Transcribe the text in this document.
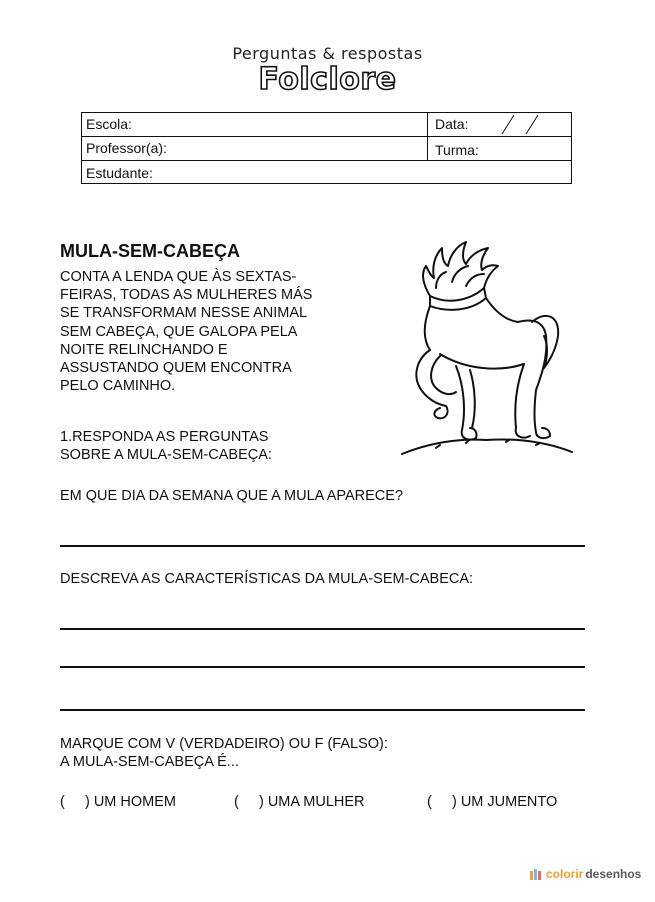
Perguntas & respostas
Folclore
Escola:	Data:
Professor(a):	Turma:
Estudante:
MULA-SEM-CABEÇA
CONTA A LENDA QUE ÀS SEXTAS-
FEIRAS, TODAS AS MULHERES MÁS
SE TRANSFORMAM NESSE ANIMAL
SEM CABEÇA, QUE GALOPA PELA
NOITE RELINCHANDO E
ASSUSTANDO QUEM ENCONTRA
PELO CAMINHO.
1.RESPONDA AS PERGUNTAS
SOBRE A MULA-SEM-CABEÇA:
EM QUE DIA DA SEMANA QUE A MULA APARECE?
DESCREVA AS CARACTERÍSTICAS DA MULA-SEM-CABECA:
MARQUE COM V (VERDADEIRO) OU F (FALSO):
A MULA-SEM-CABEÇA É...
(     ) UM HOMEM	(     ) UMA MULHER	(     ) UM JUMENTO
colorir desenhos
